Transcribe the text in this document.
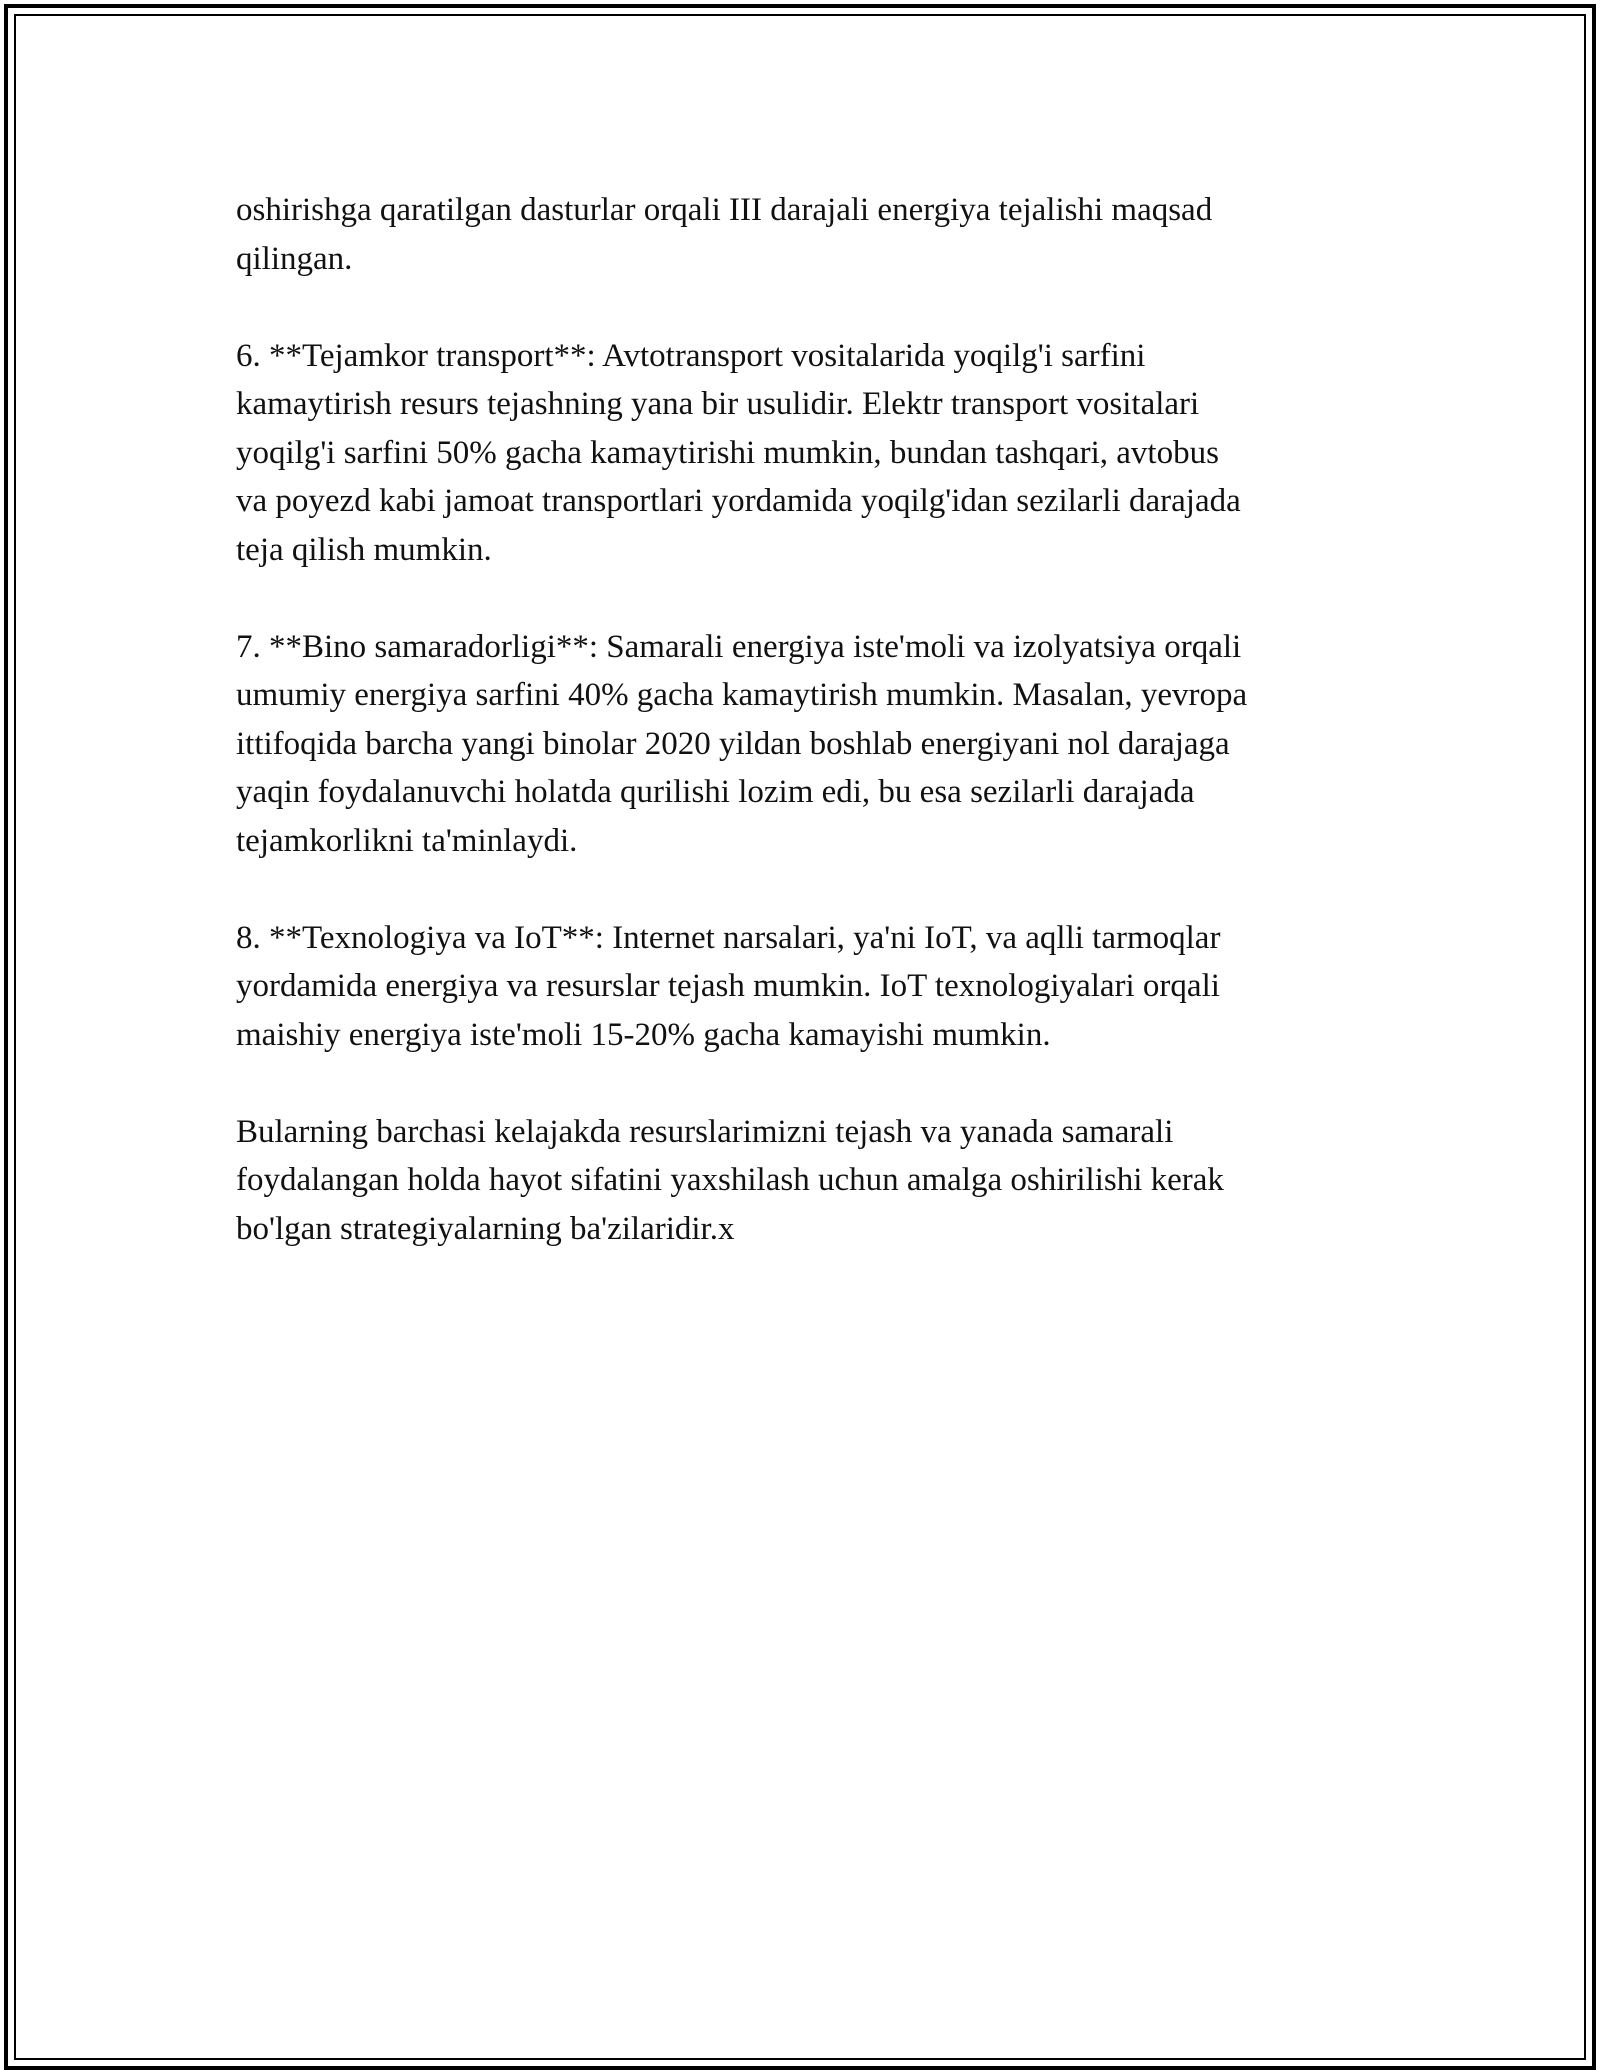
oshirishga qaratilgan dasturlar orqali III darajali energiya tejalishi maqsad
qilingan.

6. **Tejamkor transport**: Avtotransport vositalarida yoqilg'i sarfini
kamaytirish resurs tejashning yana bir usulidir. Elektr transport vositalari
yoqilg'i sarfini 50% gacha kamaytirishi mumkin, bundan tashqari, avtobus
va poyezd kabi jamoat transportlari yordamida yoqilg'idan sezilarli darajada
teja qilish mumkin.

7. **Bino samaradorligi**: Samarali energiya iste'moli va izolyatsiya orqali
umumiy energiya sarfini 40% gacha kamaytirish mumkin. Masalan, yevropa
ittifoqida barcha yangi binolar 2020 yildan boshlab energiyani nol darajaga
yaqin foydalanuvchi holatda qurilishi lozim edi, bu esa sezilarli darajada
tejamkorlikni ta'minlaydi.

8. **Texnologiya va IoT**: Internet narsalari, ya'ni IoT, va aqlli tarmoqlar
yordamida energiya va resurslar tejash mumkin. IoT texnologiyalari orqali
maishiy energiya iste'moli 15-20% gacha kamayishi mumkin.

Bularning barchasi kelajakda resurslarimizni tejash va yanada samarali
foydalangan holda hayot sifatini yaxshilash uchun amalga oshirilishi kerak
bo'lgan strategiyalarning ba'zilaridir.x
